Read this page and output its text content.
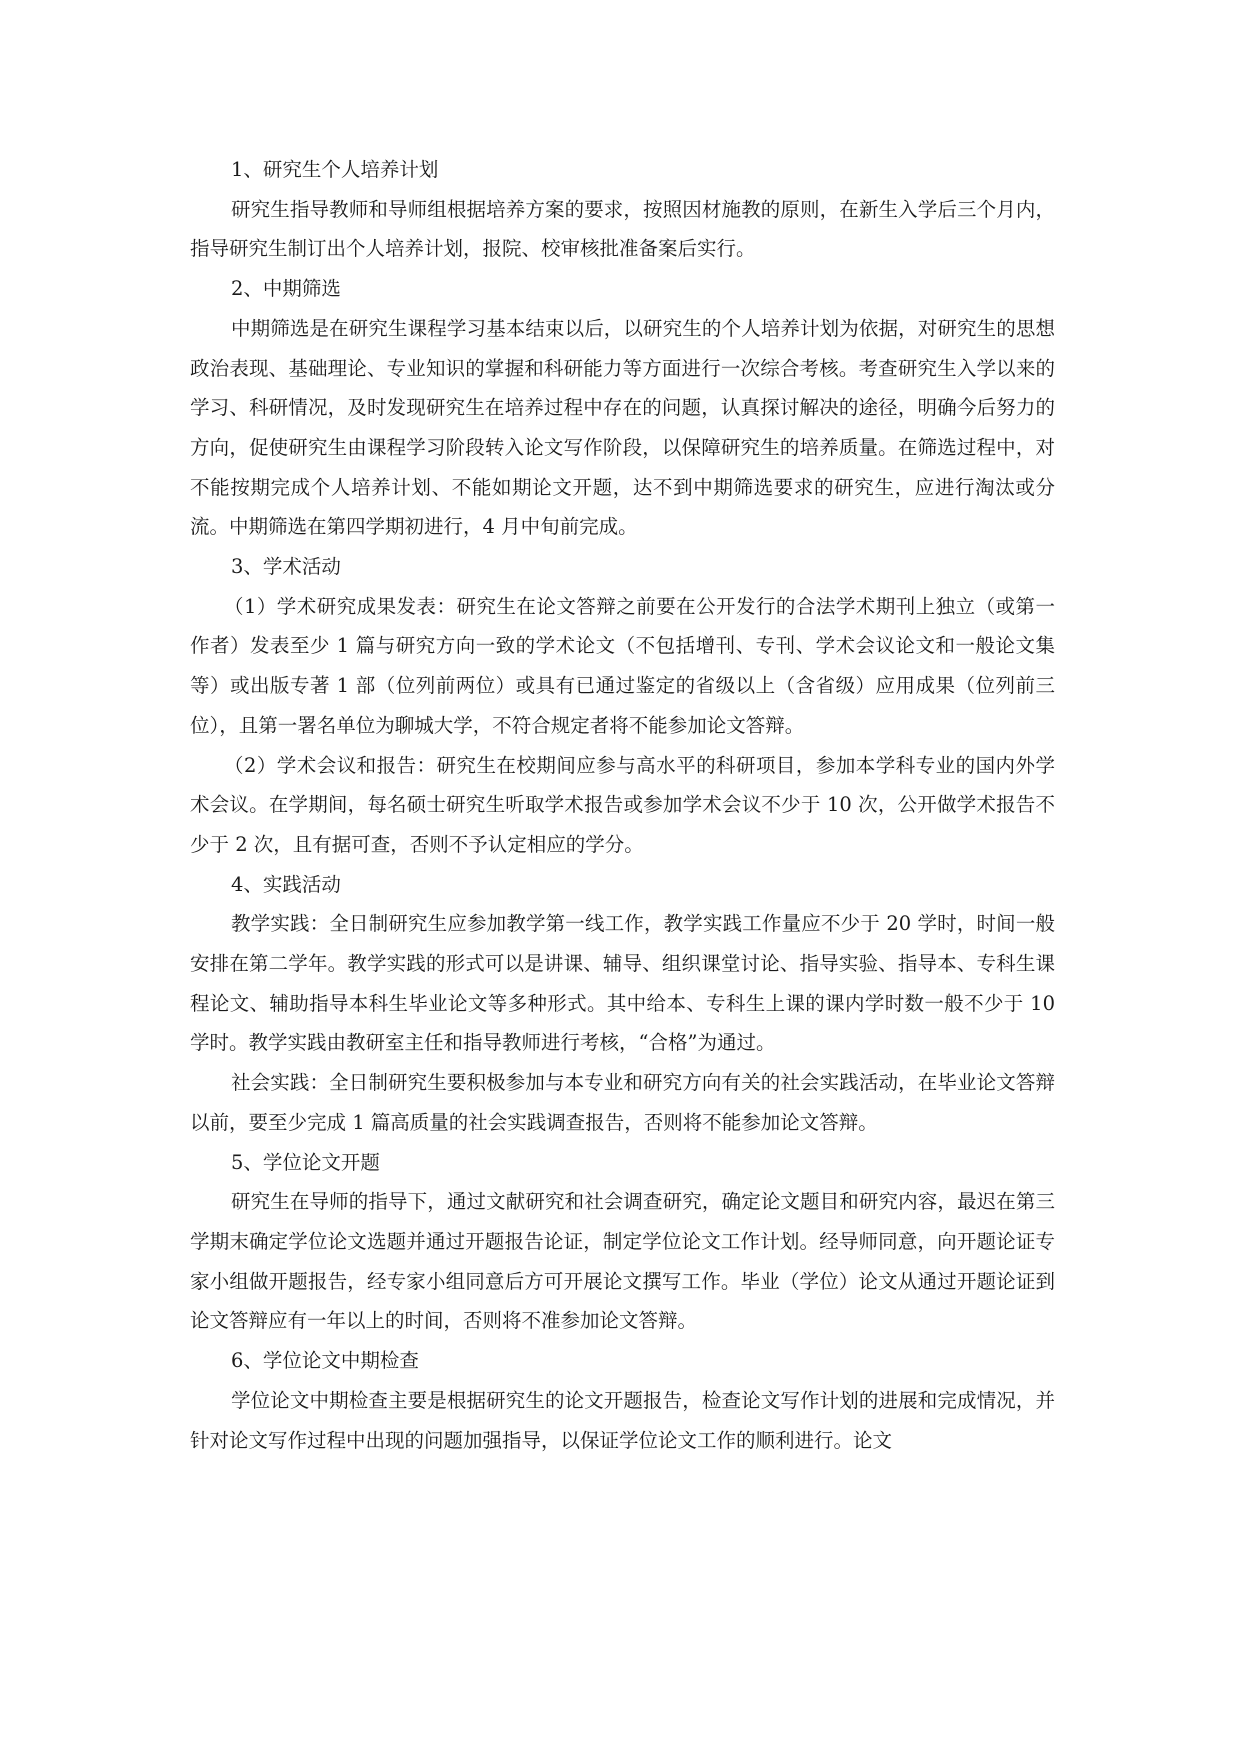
1、研究生个人培养计划

研究生指导教师和导师组根据培养方案的要求，按照因材施教的原则，在新生入学后三个月内，指导研究生制订出个人培养计划，报院、校审核批准备案后实行。

2、中期筛选

中期筛选是在研究生课程学习基本结束以后，以研究生的个人培养计划为依据，对研究生的思想政治表现、基础理论、专业知识的掌握和科研能力等方面进行一次综合考核。考查研究生入学以来的学习、科研情况，及时发现研究生在培养过程中存在的问题，认真探讨解决的途径，明确今后努力的方向，促使研究生由课程学习阶段转入论文写作阶段，以保障研究生的培养质量。在筛选过程中，对不能按期完成个人培养计划、不能如期论文开题，达不到中期筛选要求的研究生，应进行淘汰或分流。中期筛选在第四学期初进行，4 月中旬前完成。

3、学术活动

（1）学术研究成果发表：研究生在论文答辩之前要在公开发行的合法学术期刊上独立（或第一作者）发表至少 1 篇与研究方向一致的学术论文（不包括增刊、专刊、学术会议论文和一般论文集等）或出版专著 1 部（位列前两位）或具有已通过鉴定的省级以上（含省级）应用成果（位列前三位），且第一署名单位为聊城大学，不符合规定者将不能参加论文答辩。

（2）学术会议和报告：研究生在校期间应参与高水平的科研项目，参加本学科专业的国内外学术会议。在学期间，每名硕士研究生听取学术报告或参加学术会议不少于 10 次，公开做学术报告不少于 2 次，且有据可查，否则不予认定相应的学分。

4、实践活动

教学实践：全日制研究生应参加教学第一线工作，教学实践工作量应不少于 20 学时，时间一般安排在第二学年。教学实践的形式可以是讲课、辅导、组织课堂讨论、指导实验、指导本、专科生课程论文、辅助指导本科生毕业论文等多种形式。其中给本、专科生上课的课内学时数一般不少于 10 学时。教学实践由教研室主任和指导教师进行考核，“合格”为通过。

社会实践：全日制研究生要积极参加与本专业和研究方向有关的社会实践活动，在毕业论文答辩以前，要至少完成 1 篇高质量的社会实践调查报告，否则将不能参加论文答辩。

5、学位论文开题

研究生在导师的指导下，通过文献研究和社会调查研究，确定论文题目和研究内容，最迟在第三学期末确定学位论文选题并通过开题报告论证，制定学位论文工作计划。经导师同意，向开题论证专家小组做开题报告，经专家小组同意后方可开展论文撰写工作。毕业（学位）论文从通过开题论证到论文答辩应有一年以上的时间，否则将不准参加论文答辩。

6、学位论文中期检查

学位论文中期检查主要是根据研究生的论文开题报告，检查论文写作计划的进展和完成情况，并针对论文写作过程中出现的问题加强指导，以保证学位论文工作的顺利进行。论文
